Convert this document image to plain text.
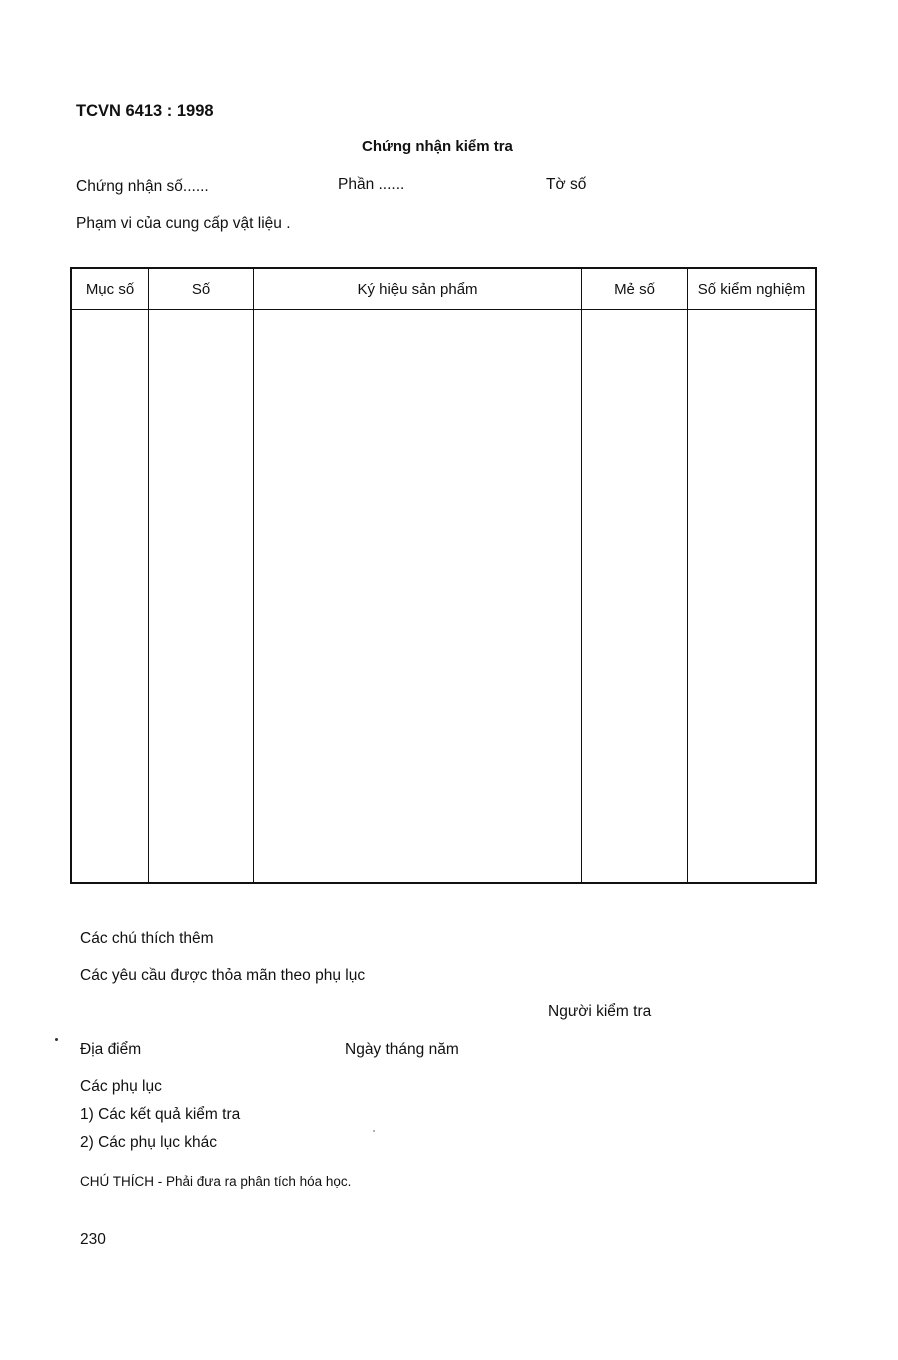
TCVN 6413 : 1998
Chứng nhận kiểm tra
Chứng nhận số......	Phần ......	Tờ số
Phạm vi của cung cấp vật liệu .
Mục số	Số	Ký hiệu sản phẩm	Mẻ số	Số kiểm nghiệm
Các chú thích thêm
Các yêu cầu được thỏa mãn theo phụ lục
Người kiểm tra
Địa điểm	Ngày tháng năm
Các phụ lục
1) Các kết quả kiểm tra
2) Các phụ lục khác
CHÚ THÍCH - Phải đưa ra phân tích hóa học.
230
